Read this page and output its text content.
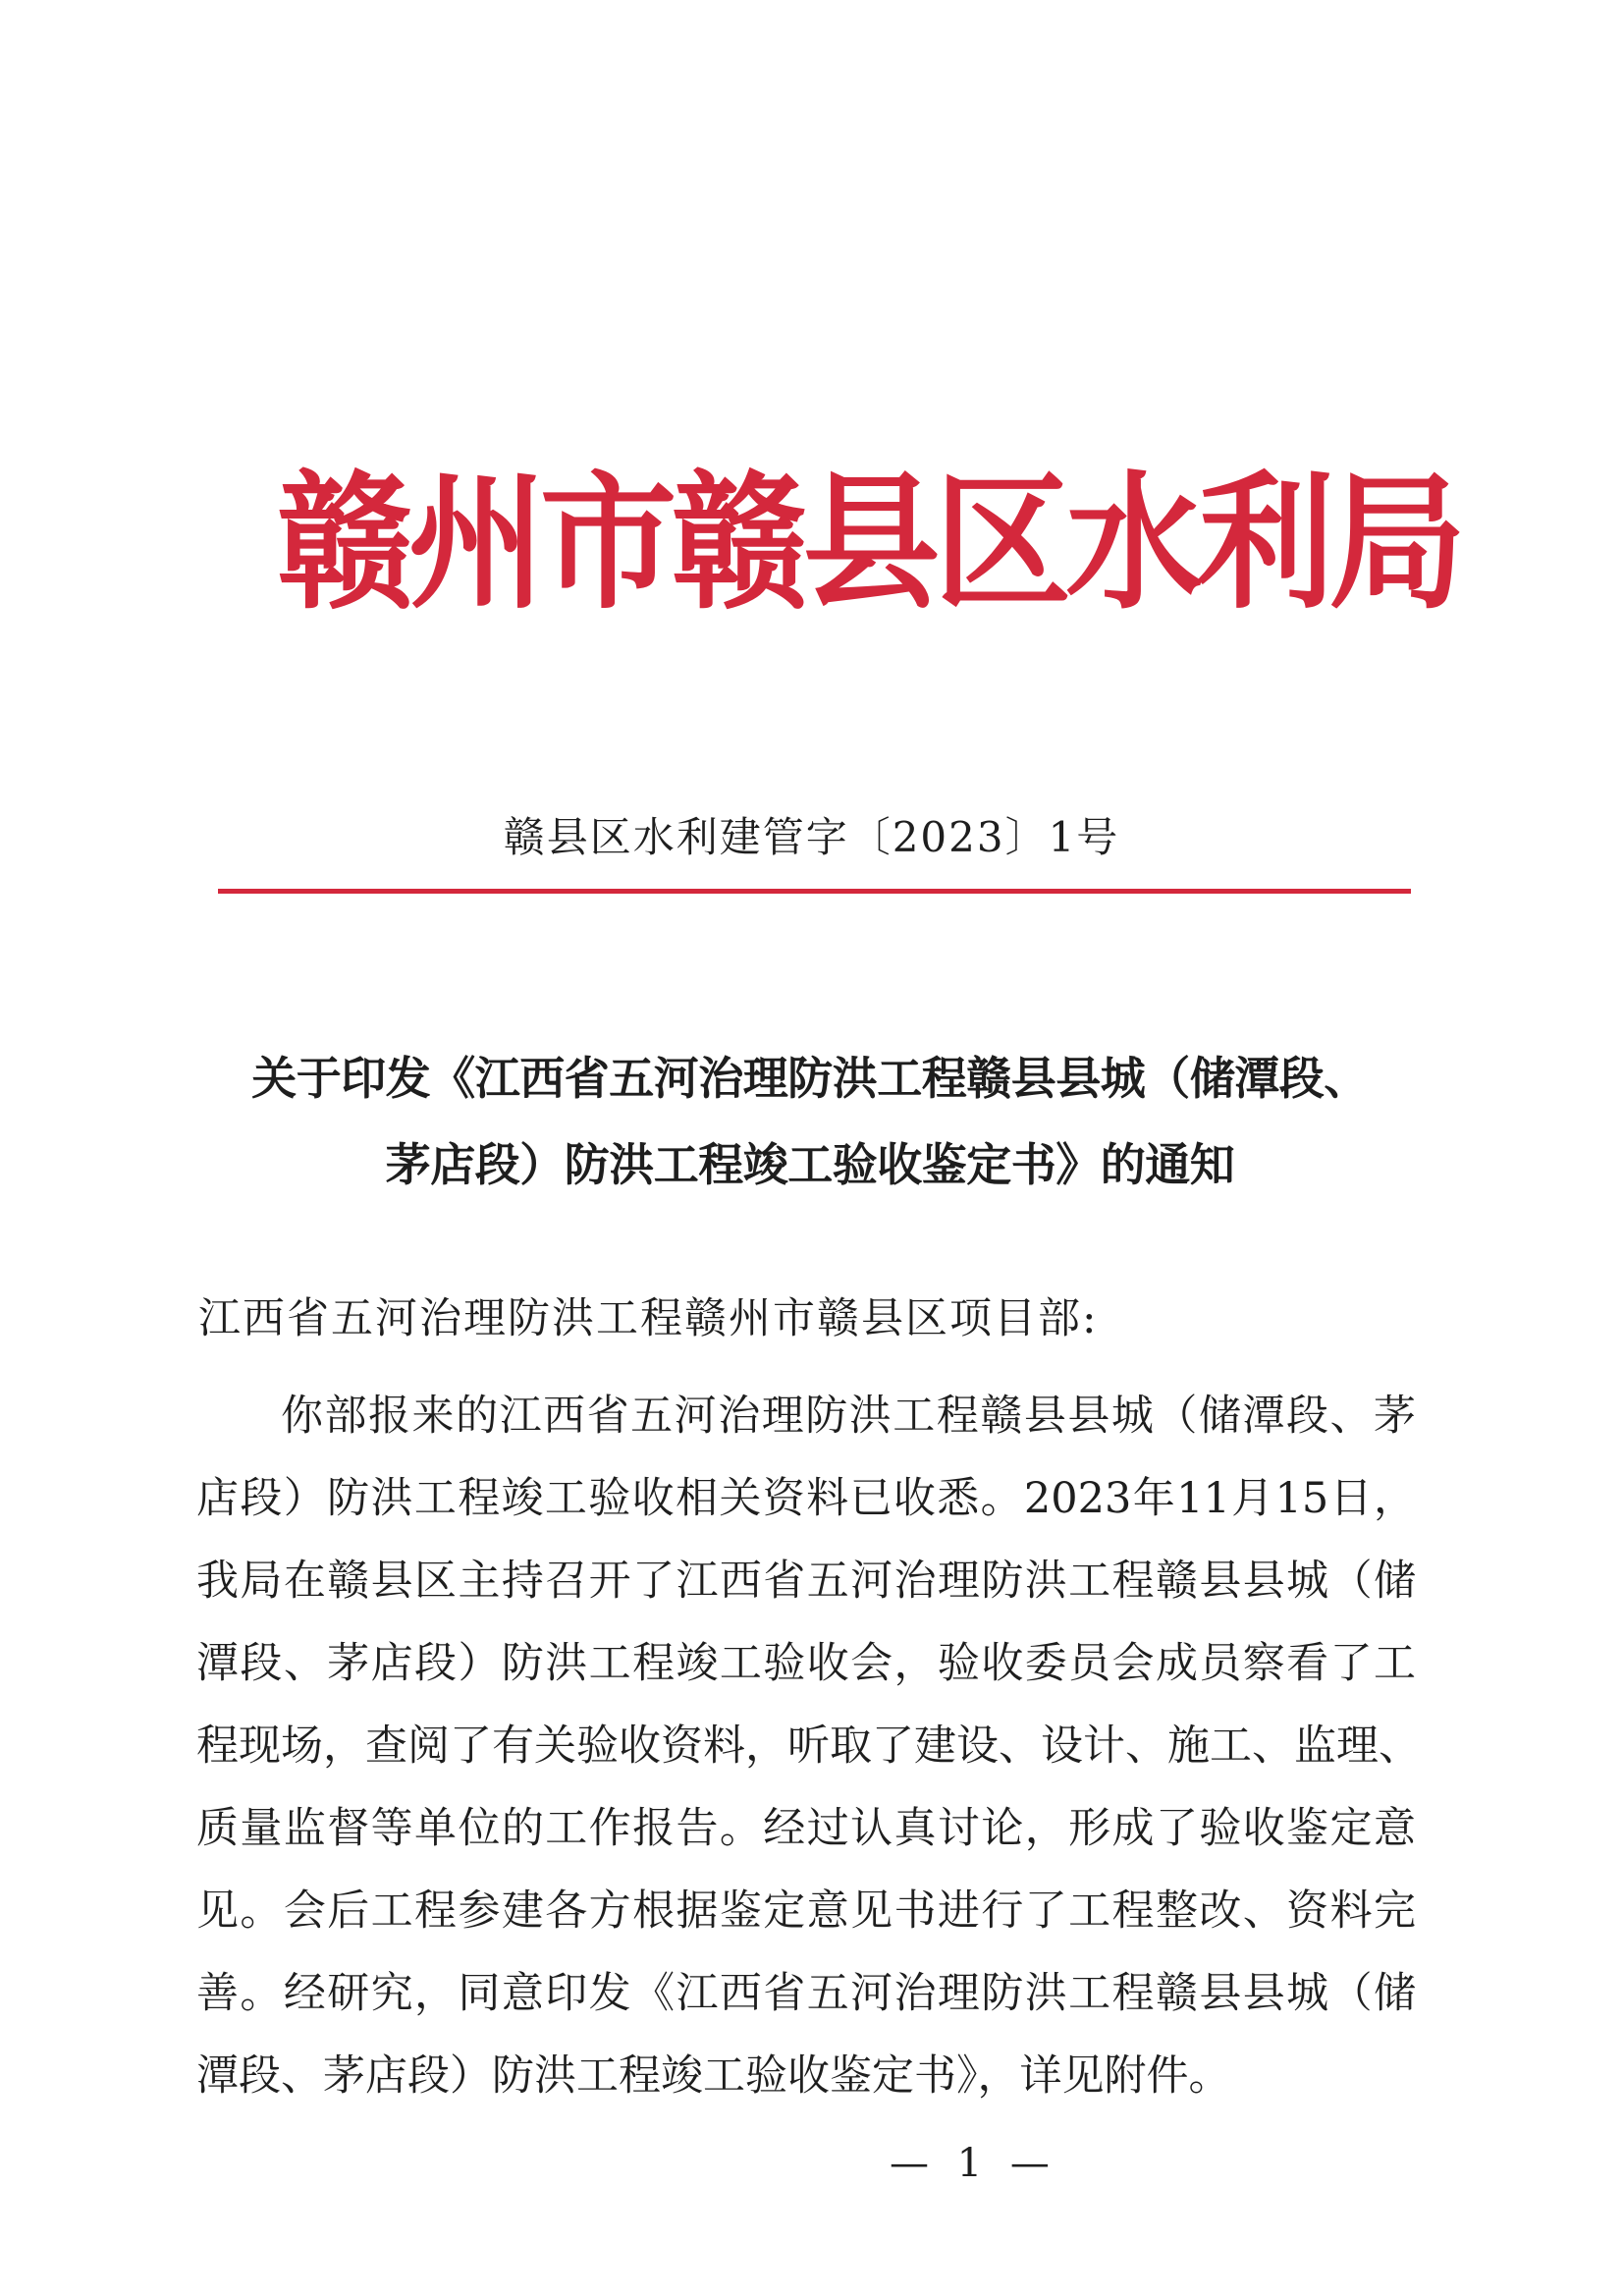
赣州市赣县区水利局
赣县区水利建管字〔2023〕1号
关于印发《江西省五河治理防洪工程赣县县城（储潭段、
茅店段）防洪工程竣工验收鉴定书》的通知
江西省五河治理防洪工程赣州市赣县区项目部:
你部报来的江西省五河治理防洪工程赣县县城（储潭段、茅
店段）防洪工程竣工验收相关资料已收悉。2023年11月15日，
我局在赣县区主持召开了江西省五河治理防洪工程赣县县城（储
潭段、茅店段）防洪工程竣工验收会，验收委员会成员察看了工
程现场，查阅了有关验收资料，听取了建设、设计、施工、监理、
质量监督等单位的工作报告。经过认真讨论，形成了验收鉴定意
见。会后工程参建各方根据鉴定意见书进行了工程整改、资料完
善。经研究，同意印发《江西省五河治理防洪工程赣县县城（储
潭段、茅店段）防洪工程竣工验收鉴定书》，详见附件。
— 1 —
